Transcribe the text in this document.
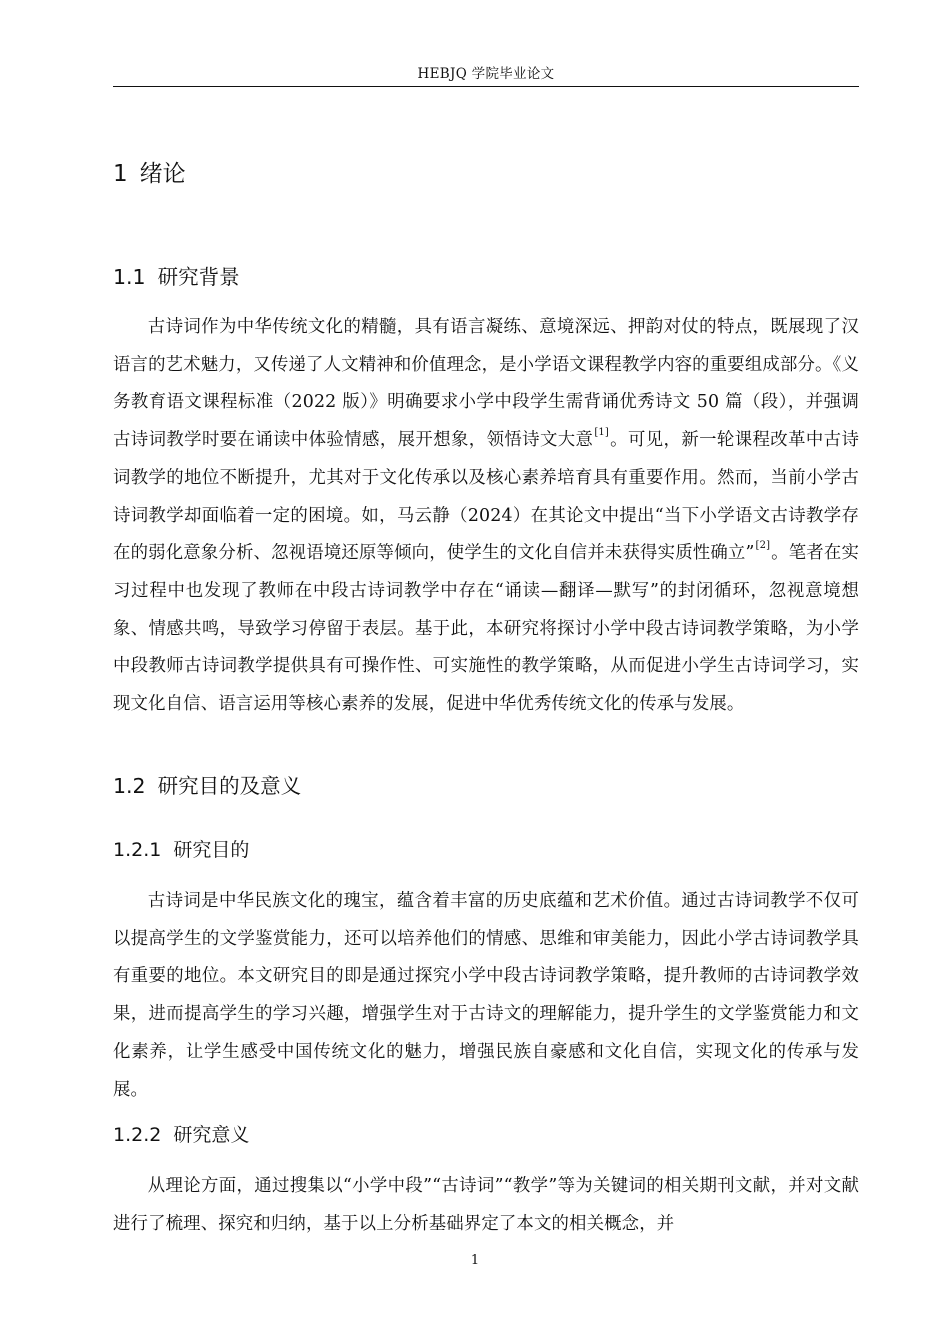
HEBJQ 学院毕业论文
1 绪论
1.1 研究背景

古诗词作为中华传统文化的精髓，具有语言凝练、意境深远、押韵对仗的特点，既展现了汉语言的艺术魅力，又传递了人文精神和价值理念，是小学语文课程教学内容的重要组成部分。《义务教育语文课程标准（2022 版）》明确要求小学中段学生需背诵优秀诗文 50 篇（段），并强调古诗词教学时要在诵读中体验情感，展开想象，领悟诗文大意[1]。可见，新一轮课程改革中古诗词教学的地位不断提升，尤其对于文化传承以及核心素养培育具有重要作用。然而，当前小学古诗词教学却面临着一定的困境。如，马云静（2024）在其论文中提出“当下小学语文古诗教学存在的弱化意象分析、忽视语境还原等倾向，使学生的文化自信并未获得实质性确立”[2]。笔者在实习过程中也发现了教师在中段古诗词教学中存在“诵读—翻译—默写”的封闭循环，忽视意境想象、情感共鸣，导致学习停留于表层。基于此，本研究将探讨小学中段古诗词教学策略，为小学中段教师古诗词教学提供具有可操作性、可实施性的教学策略，从而促进小学生古诗词学习，实现文化自信、语言运用等核心素养的发展，促进中华优秀传统文化的传承与发展。

1.2 研究目的及意义
1.2.1 研究目的

古诗词是中华民族文化的瑰宝，蕴含着丰富的历史底蕴和艺术价值。通过古诗词教学不仅可以提高学生的文学鉴赏能力，还可以培养他们的情感、思维和审美能力，因此小学古诗词教学具有重要的地位。本文研究目的即是通过探究小学中段古诗词教学策略，提升教师的古诗词教学效果，进而提高学生的学习兴趣，增强学生对于古诗文的理解能力，提升学生的文学鉴赏能力和文化素养，让学生感受中国传统文化的魅力，增强民族自豪感和文化自信，实现文化的传承与发展。

1.2.2 研究意义

从理论方面，通过搜集以“小学中段”“古诗词”“教学”等为关键词的相关期刊文献，并对文献进行了梳理、探究和归纳，基于以上分析基础界定了本文的相关概念，并

1
